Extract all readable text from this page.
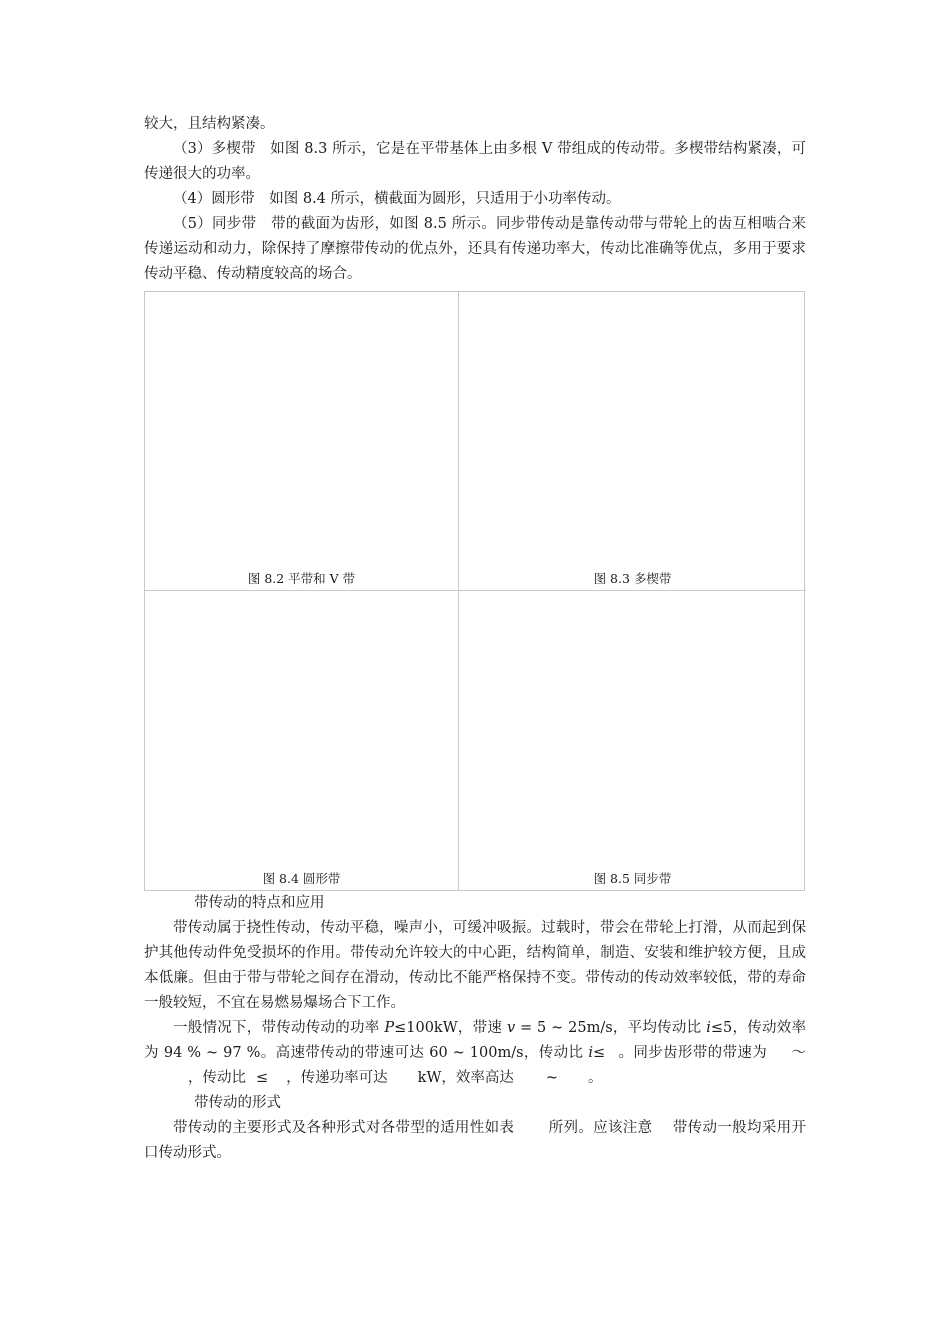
较大，且结构紧凑。

（3）多楔带　如图 8.3 所示，它是在平带基体上由多根 V 带组成的传动带。多楔带结构紧凑，可传递很大的功率。

（4）圆形带　如图 8.4 所示，横截面为圆形，只适用于小功率传动。

（5）同步带　带的截面为齿形，如图 8.5 所示。同步带传动是靠传动带与带轮上的齿互相啮合来传递运动和动力，除保持了摩擦带传动的优点外，还具有传递功率大，传动比准确等优点，多用于要求传动平稳、传动精度较高的场合。

图 8.2 平带和 V 带	图 8.3 多楔带
图 8.4 圆形带	图 8.5 同步带

带传动的特点和应用

带传动属于挠性传动，传动平稳，噪声小，可缓冲吸振。过载时，带会在带轮上打滑，从而起到保护其他传动件免受损坏的作用。带传动允许较大的中心距，结构简单，制造、安装和维护较方便，且成本低廉。但由于带与带轮之间存在滑动，传动比不能严格保持不变。带传动的传动效率较低，带的寿命一般较短，不宜在易燃易爆场合下工作。

一般情况下，带传动传动的功率 P≤100kW，带速 v = 5 ~ 25m/s，平均传动比 i≤5，传动效率为 94 % ~ 97 %。高速带传动的带速可达 60 ~ 100m/s，传动比 i≤ 。同步齿形带的带速为 ～，传动比 ≤ ，传递功率可达 kW，效率高达 ~ 。

带传动的形式

带传动的主要形式及各种形式对各带型的适用性如表 所列。应该注意 带传动一般均采用开口传动形式。
